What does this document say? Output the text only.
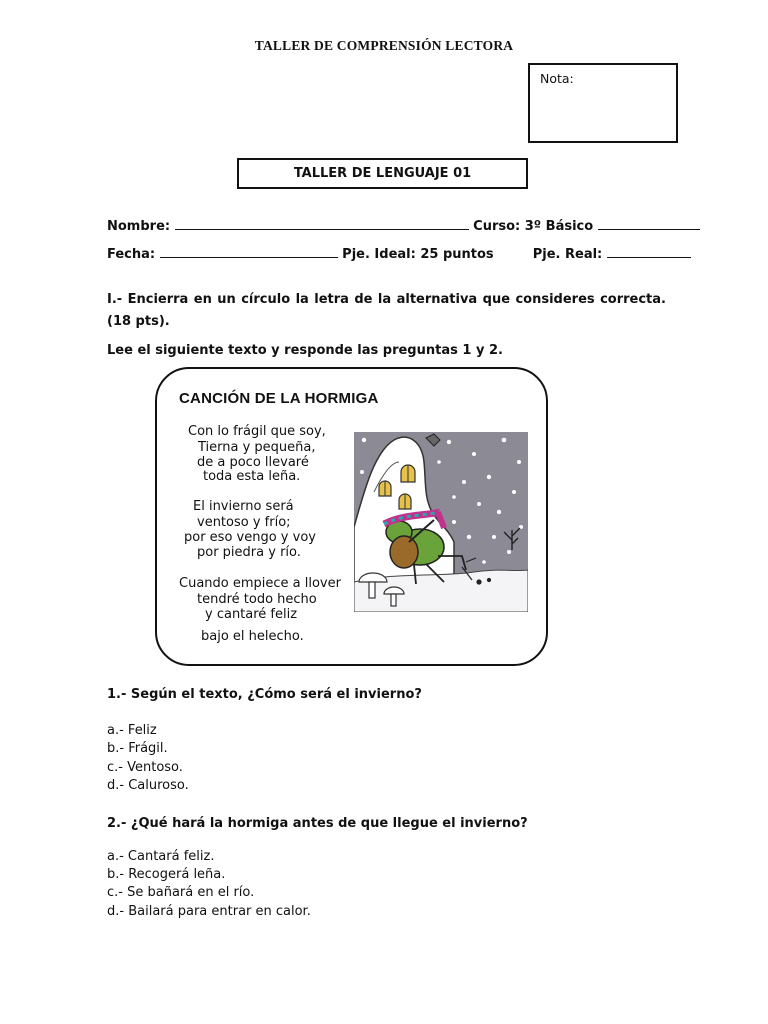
TALLER DE COMPRENSIÓN LECTORA
Nota:
TALLER DE LENGUAJE 01
Nombre:	Curso: 3º Básico
Fecha:	Pje. Ideal: 25 puntos	Pje. Real:
I.- Encierra en un círculo la letra de la alternativa que consideres correcta. (18 pts).
Lee el siguiente texto y responde las preguntas 1 y 2.
CANCIÓN DE LA HORMIGA
Con lo frágil que soy,
Tierna y pequeña,
de a poco llevaré
toda esta leña.
El invierno será
ventoso y frío;
por eso vengo y voy
por piedra y río.
Cuando empiece a llover
tendré todo hecho
y cantaré feliz
bajo el helecho.
1.- Según el texto, ¿Cómo será el invierno?
a.- Feliz
b.- Frágil.
c.- Ventoso.
d.- Caluroso.
2.- ¿Qué hará la hormiga antes de que llegue el invierno?
a.- Cantará feliz.
b.- Recogerá leña.
c.- Se bañará en el río.
d.- Bailará para entrar en calor.
